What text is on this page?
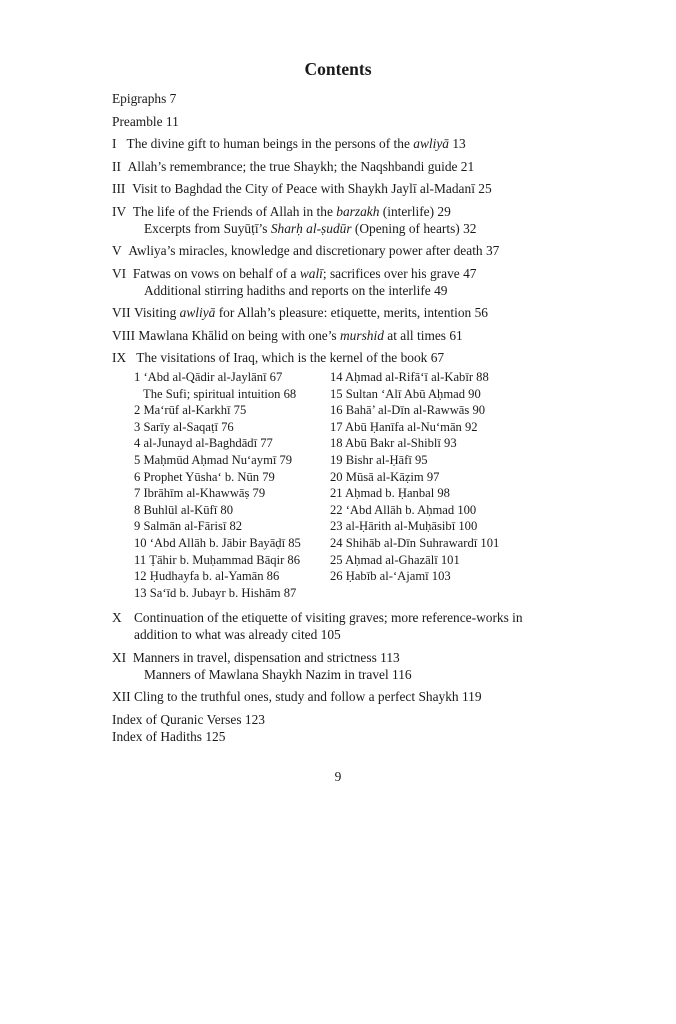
Contents

Epigraphs 7

Preamble 11

I The divine gift to human beings in the persons of the awliyā 13

II Allah’s remembrance; the true Shaykh; the Naqshbandi guide 21

III Visit to Baghdad the City of Peace with Shaykh Jaylī al-Madanī 25

IV The life of the Friends of Allah in the barzakh (interlife) 29

Excerpts from Suyūṭī’s Sharḥ al-ṣudūr (Opening of hearts) 32

V Awliya’s miracles, knowledge and discretionary power after death 37

VI Fatwas on vows on behalf of a walī; sacrifices over his grave 47

Additional stirring hadiths and reports on the interlife 49

VII Visiting awliyā for Allah’s pleasure: etiquette, merits, intention 56

VIII Mawlana Khālid on being with one’s murshid at all times 61

IX The visitations of Iraq, which is the kernel of the book 67

1 ‘Abd al-Qādir al-Jaylānī 67
The Sufi; spiritual intuition 68
2 Ma‘rūf al-Karkhī 75
3 Sarīy al-Saqaṭī 76
4 al-Junayd al-Baghdādī 77
5 Maḥmūd Aḥmad Nu‘aymī 79
6 Prophet Yūsha‘ b. Nūn 79
7 Ibrāhīm al-Khawwāṣ 79
8 Buhlūl al-Kūfī 80
9 Salmān al-Fārisī 82
10 ‘Abd Allāh b. Jābir Bayāḍī 85
11 Ṭāhir b. Muḥammad Bāqir 86
12 Ḥudhayfa b. al-Yamān 86
13 Sa‘īd b. Jubayr b. Hishām 87
14 Aḥmad al-Rifā‘ī al-Kabīr 88
15 Sultan ‘Alī Abū Aḥmad 90
16 Bahā’ al-Dīn al-Rawwās 90
17 Abū Ḥanīfa al-Nu‘mān 92
18 Abū Bakr al-Shiblī 93
19 Bishr al-Ḥāfī 95
20 Mūsā al-Kāẓim 97
21 Aḥmad b. Ḥanbal 98
22 ‘Abd Allāh b. Aḥmad 100
23 al-Ḥārith al-Muḥāsibī 100
24 Shihāb al-Dīn Suhrawardī 101
25 Aḥmad al-Ghazālī 101
26 Ḥabīb al-‘Ajamī 103

X Continuation of the etiquette of visiting graves; more reference-works in addition to what was already cited 105

XI Manners in travel, dispensation and strictness 113

Manners of Mawlana Shaykh Nazim in travel 116

XII Cling to the truthful ones, study and follow a perfect Shaykh 119

Index of Quranic Verses 123

Index of Hadiths 125

9
